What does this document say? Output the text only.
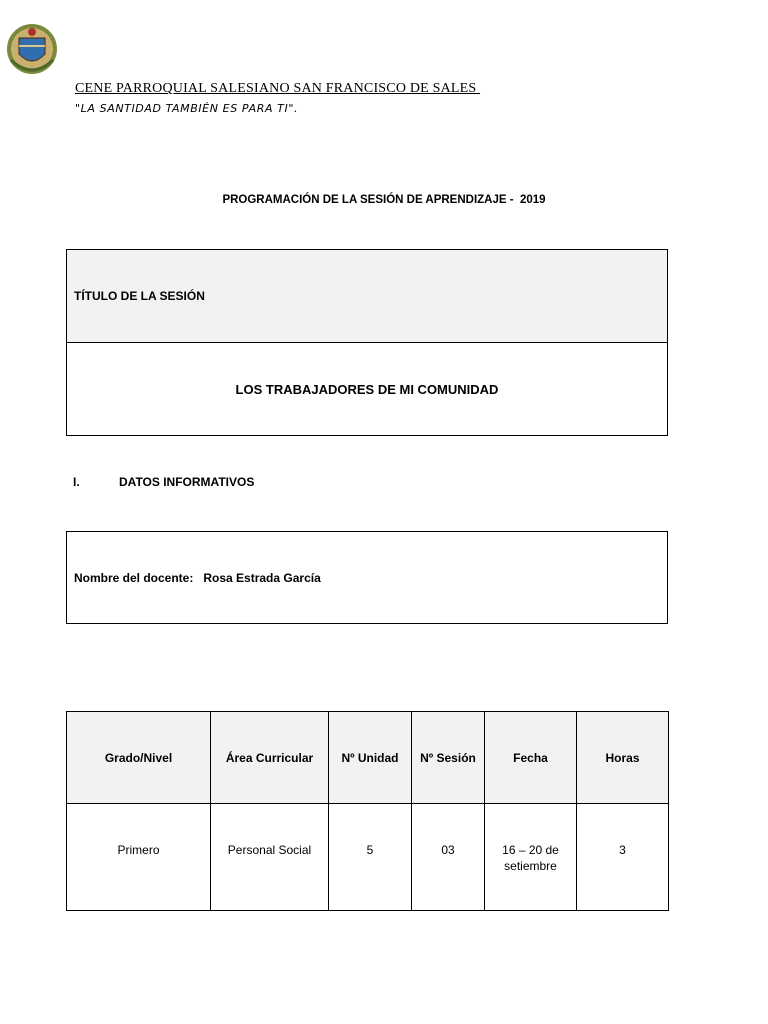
CENE PARROQUIAL SALESIANO SAN FRANCISCO DE SALES
"LA SANTIDAD TAMBIÉN ES PARA TI".
PROGRAMACIÓN DE LA SESIÓN DE APRENDIZAJE -  2019
TÍTULO DE LA SESIÓN
LOS TRABAJADORES DE MI COMUNIDAD
I.	DATOS INFORMATIVOS
Nombre del docente: Rosa Estrada García
Grado/Nivel	Área Curricular	Nº Unidad	Nº Sesión	Fecha	Horas
Primero	Personal Social	5	03	16 – 20 de setiembre	3
